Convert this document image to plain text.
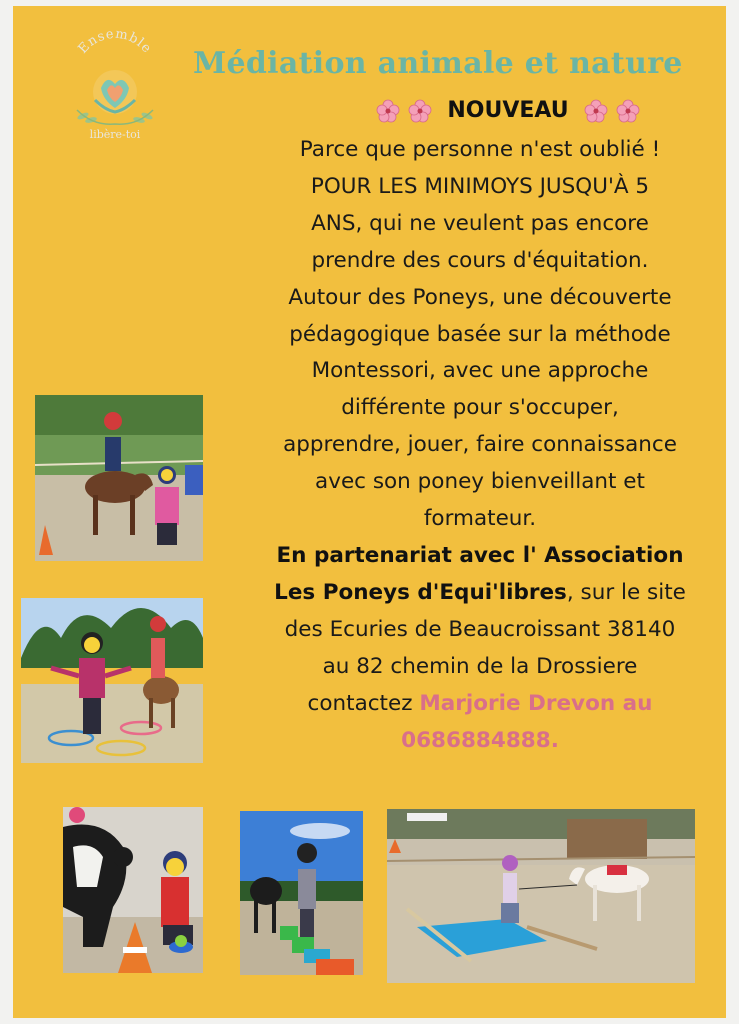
Ensemble
libère-toi
Médiation animale et nature
NOUVEAU
Parce que personne n'est oublié !
POUR LES MINIMOYS JUSQU'À 5
ANS, qui ne veulent pas encore
prendre des cours d'équitation.
Autour des Poneys, une découverte
pédagogique basée sur la méthode
Montessori, avec une approche
différente pour s'occuper,
apprendre, jouer, faire connaissance
avec son poney bienveillant et
formateur.
En partenariat avec l' Association
Les Poneys d'Equi'libres, sur le site
des Ecuries de Beaucroissant 38140
au 82 chemin de la Drossiere
contactez Marjorie Drevon au
0686884888.
